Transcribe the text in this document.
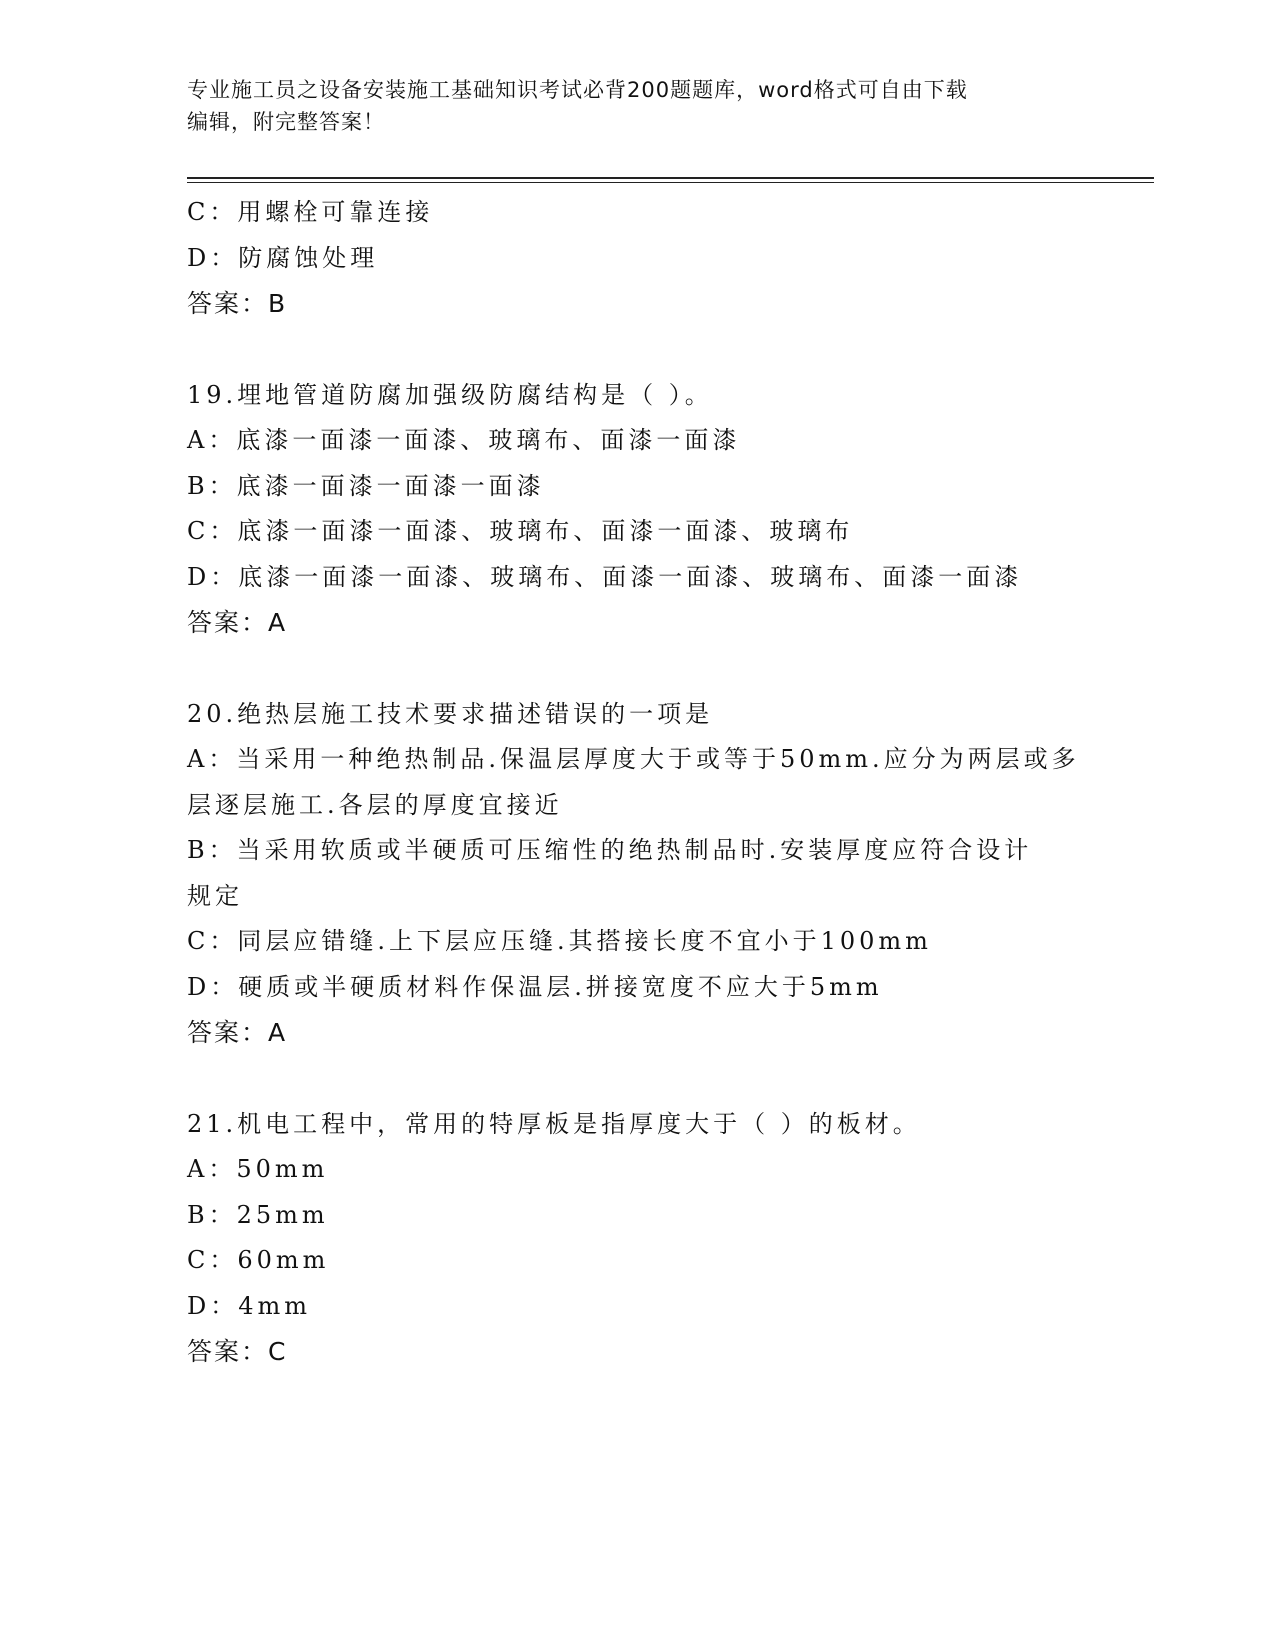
专业施工员之设备安装施工基础知识考试必背200题题库，word格式可自由下载
编辑，附完整答案！
C：用螺栓可靠连接
D：防腐蚀处理
答案：B
19.埋地管道防腐加强级防腐结构是（ ）。
A：底漆一面漆一面漆、玻璃布、面漆一面漆
B：底漆一面漆一面漆一面漆
C：底漆一面漆一面漆、玻璃布、面漆一面漆、玻璃布
D：底漆一面漆一面漆、玻璃布、面漆一面漆、玻璃布、面漆一面漆
答案：A
20.绝热层施工技术要求描述错误的一项是
A：当采用一种绝热制品.保温层厚度大于或等于50mm.应分为两层或多
层逐层施工.各层的厚度宜接近
B：当采用软质或半硬质可压缩性的绝热制品时.安装厚度应符合设计
规定
C：同层应错缝.上下层应压缝.其搭接长度不宜小于100mm
D：硬质或半硬质材料作保温层.拼接宽度不应大于5mm
答案：A
21.机电工程中，常用的特厚板是指厚度大于（ ）的板材。
A：50mm
B：25mm
C：60mm
D：4mm
答案：C
